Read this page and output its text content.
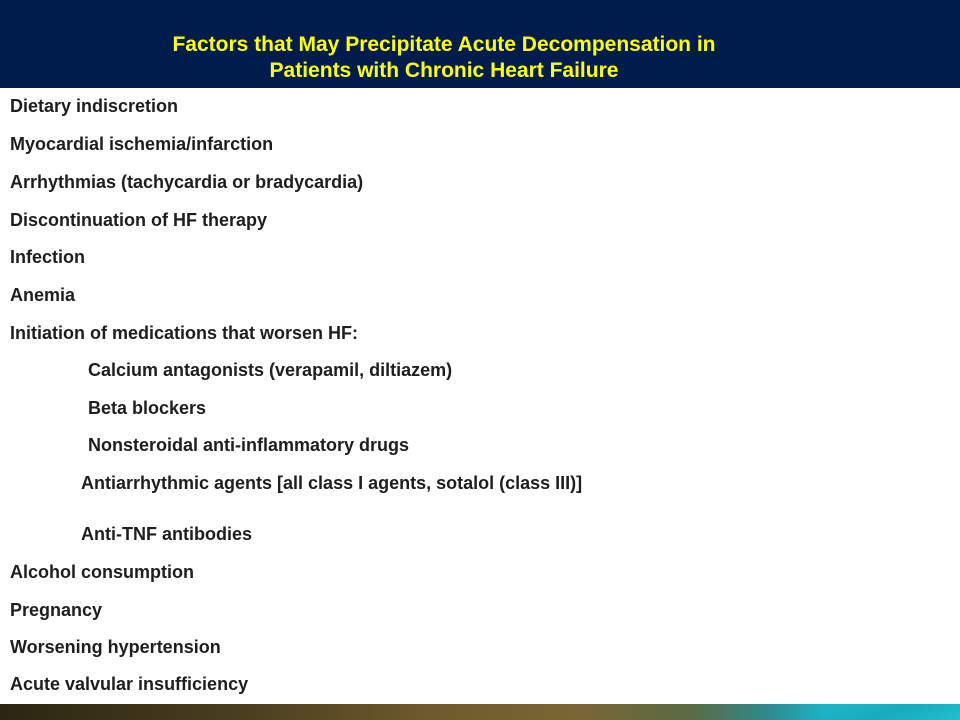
Factors that May Precipitate Acute Decompensation in
Patients with Chronic Heart Failure
Dietary indiscretion
Myocardial ischemia/infarction
Arrhythmias (tachycardia or bradycardia)
Discontinuation of HF therapy
Infection
Anemia
Initiation of medications that worsen HF:
Calcium antagonists (verapamil, diltiazem)
Beta blockers
Nonsteroidal anti-inflammatory drugs
Antiarrhythmic agents [all class I agents, sotalol (class III)]
Anti-TNF antibodies
Alcohol consumption
Pregnancy
Worsening hypertension
Acute valvular insufficiency
